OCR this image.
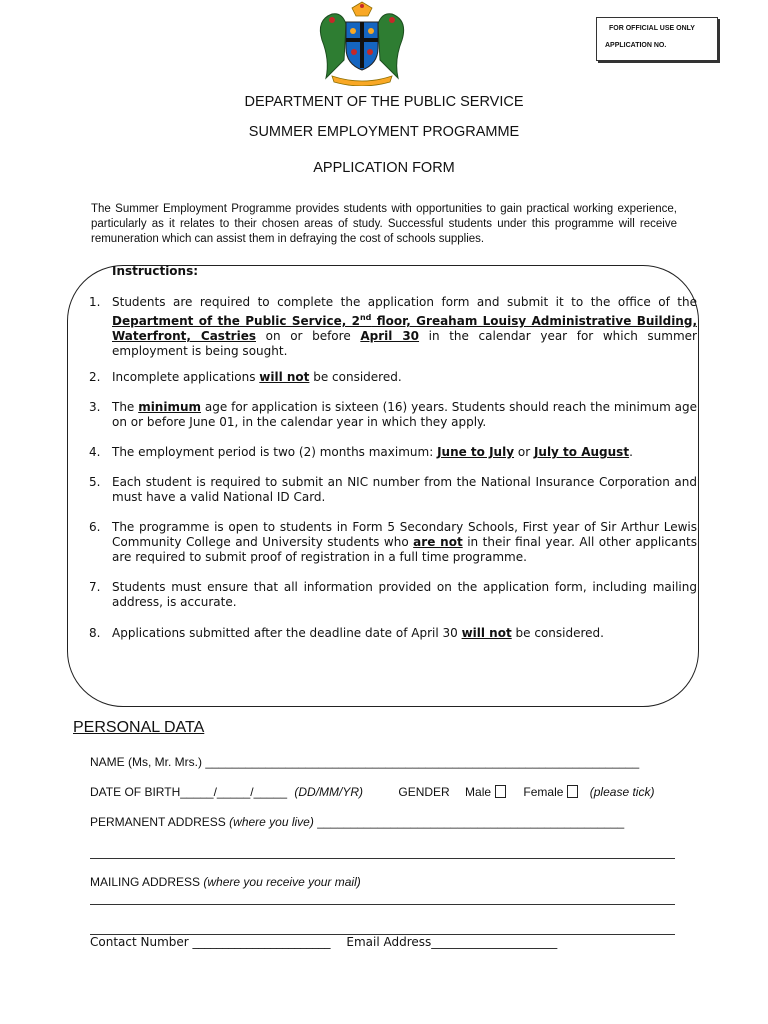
FOR OFFICIAL USE ONLY
APPLICATION NO.
DEPARTMENT OF THE PUBLIC SERVICE
SUMMER EMPLOYMENT PROGRAMME
APPLICATION FORM
The Summer Employment Programme provides students with opportunities to gain practical working experience, particularly as it relates to their chosen areas of study. Successful students under this programme will receive remuneration which can assist them in defraying the cost of schools supplies.
Instructions:
1. Students are required to complete the application form and submit it to the office of the Department of the Public Service, 2nd floor, Greaham Louisy Administrative Building, Waterfront, Castries on or before April 30 in the calendar year for which summer employment is being sought.
2. Incomplete applications will not be considered.
3. The minimum age for application is sixteen (16) years. Students should reach the minimum age on or before June 01, in the calendar year in which they apply.
4. The employment period is two (2) months maximum: June to July or July to August.
5. Each student is required to submit an NIC number from the National Insurance Corporation and must have a valid National ID Card.
6. The programme is open to students in Form 5 Secondary Schools, First year of Sir Arthur Lewis Community College and University students who are not in their final year. All other applicants are required to submit proof of registration in a full time programme.
7. Students must ensure that all information provided on the application form, including mailing address, is accurate.
8. Applications submitted after the deadline date of April 30 will not be considered.
PERSONAL DATA
NAME (Ms, Mr. Mrs.) _________________________________________________________________
DATE OF BIRTH_____/_____/_____ (DD/MM/YR)	GENDER Male	Female (please tick)
PERMANENT ADDRESS (where you live) ______________________________________________
MAILING ADDRESS (where you receive your mail)
Contact Number _______________________ Email Address_____________________
